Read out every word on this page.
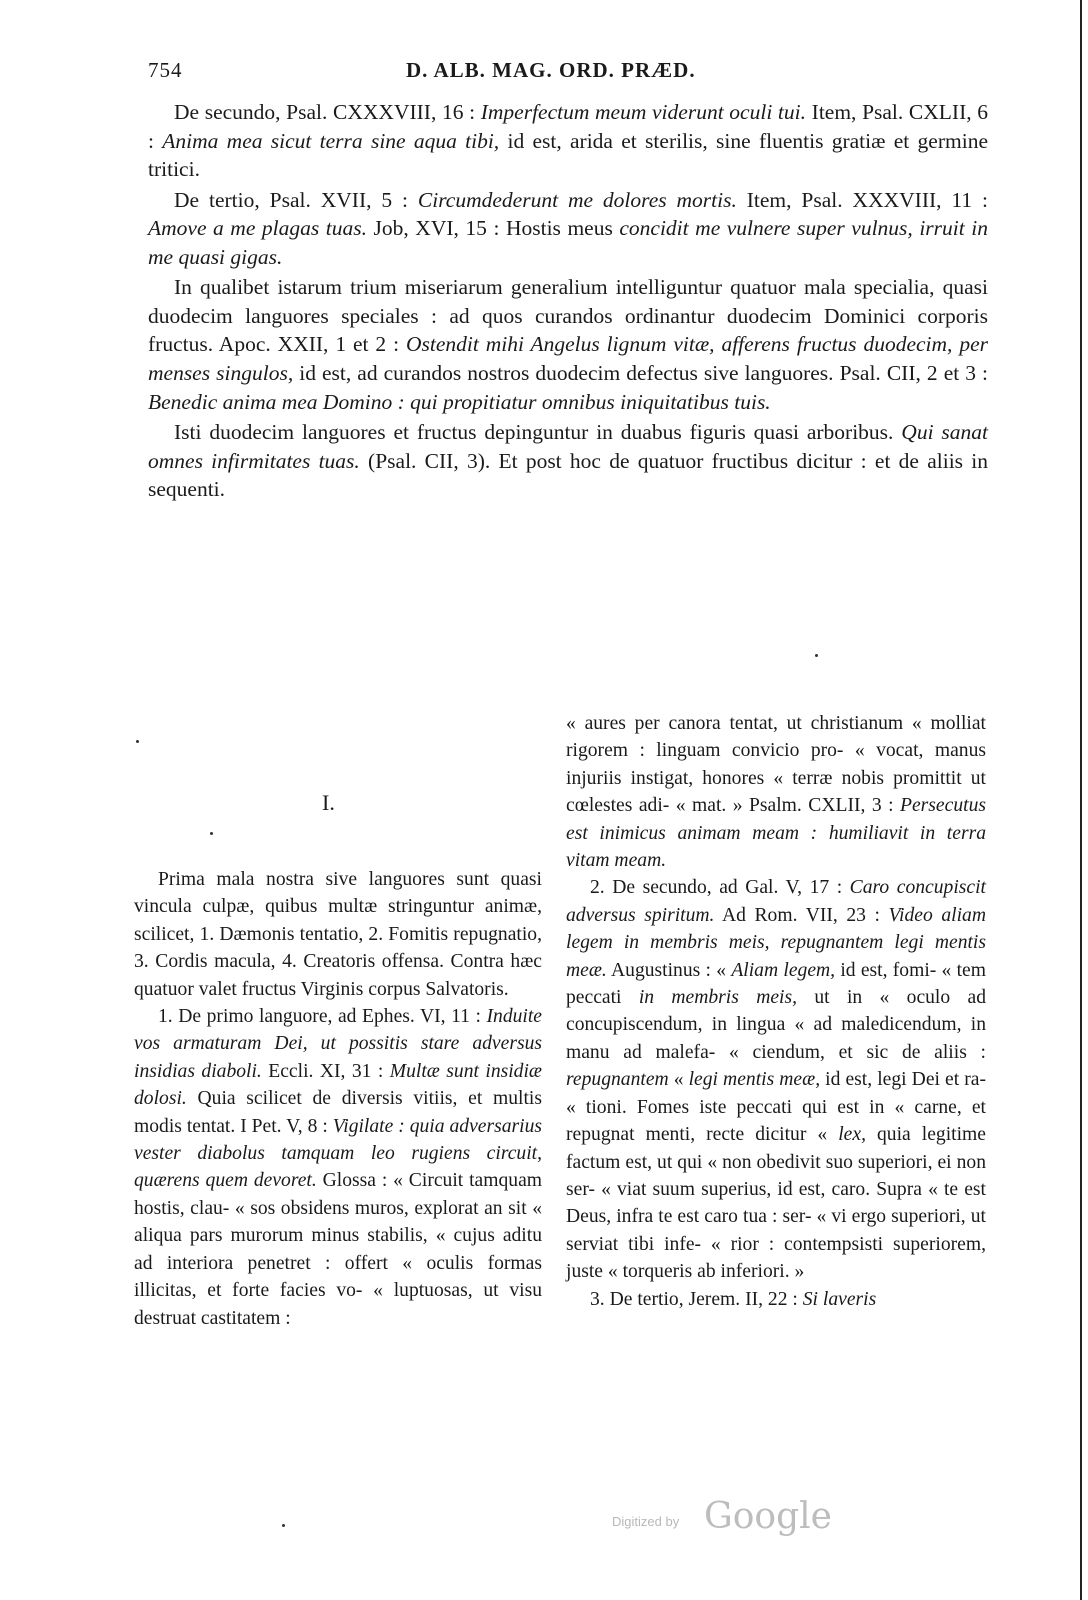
754	D. ALB. MAG. ORD. PRÆD.

De secundo, Psal. CXXXVIII, 16 : Imperfectum meum viderunt oculi tui. Item, Psal. CXLII, 6 : Anima mea sicut terra sine aqua tibi, id est, arida et sterilis, sine fluentis gratiæ et germine tritici.

De tertio, Psal. XVII, 5 : Circumdederunt me dolores mortis. Item, Psal. XXXVIII, 11 : Amove a me plagas tuas. Job, XVI, 15 : Hostis meus concidit me vulnere super vulnus, irruit in me quasi gigas.

In qualibet istarum trium miseriarum generalium intelliguntur quatuor mala specialia, quasi duodecim languores speciales : ad quos curandos ordinantur duodecim Dominici corporis fructus. Apoc. XXII, 1 et 2 : Ostendit mihi Angelus lignum vitæ, afferens fructus duodecim, per menses singulos, id est, ad curandos nostros duodecim defectus sive languores. Psal. CII, 2 et 3 : Benedic anima mea Domino : qui propitiatur omnibus iniquitatibus tuis.

Isti duodecim languores et fructus depinguntur in duabus figuris quasi arboribus. Qui sanat omnes infirmitates tuas. (Psal. CII, 3). Et post hoc de quatuor fructibus dicitur : et de aliis in sequenti.

I.

Prima mala nostra sive languores sunt quasi vincula culpæ, quibus multæ stringuntur animæ, scilicet, 1. Dæmonis tentatio, 2. Fomitis repugnatio, 3. Cordis macula, 4. Creatoris offensa. Contra hæc quatuor valet fructus Virginis corpus Salvatoris.

1. De primo languore, ad Ephes. VI, 11 : Induite vos armaturam Dei, ut possitis stare adversus insidias diaboli. Eccli. XI, 31 : Multæ sunt insidiæ dolosi. Quia scilicet de diversis vitiis, et multis modis tentat. I Pet. V, 8 : Vigilate : quia adversarius vester diabolus tamquam leo rugiens circuit, quærens quem devoret. Glossa : « Circuit tamquam hostis, clau- « sos obsidens muros, explorat an sit « aliqua pars murorum minus stabilis, « cujus aditu ad interiora penetret : offert « oculis formas illicitas, et forte facies vo- « luptuosas, ut visu destruat castitatem :

« aures per canora tentat, ut christianum « molliat rigorem : linguam convicio pro- « vocat, manus injuriis instigat, honores « terræ nobis promittit ut cœlestes adi- « mat. » Psalm. CXLII, 3 : Persecutus est inimicus animam meam : humiliavit in terra vitam meam.

2. De secundo, ad Gal. V, 17 : Caro concupiscit adversus spiritum. Ad Rom. VII, 23 : Video aliam legem in membris meis, repugnantem legi mentis meæ. Augustinus : « Aliam legem, id est, fomi- « tem peccati in membris meis, ut in « oculo ad concupiscendum, in lingua « ad maledicendum, in manu ad malefa- « ciendum, et sic de aliis : repugnantem « legi mentis meæ, id est, legi Dei et ra- « tioni. Fomes iste peccati qui est in « carne, et repugnat menti, recte dicitur « lex, quia legitime factum est, ut qui « non obedivit suo superiori, ei non ser- « viat suum superius, id est, caro. Supra « te est Deus, infra te est caro tua : ser- « vi ergo superiori, ut serviat tibi infe- « rior : contempsisti superiorem, juste « torqueris ab inferiori. »

3. De tertio, Jerem. II, 22 : Si laveris

Digitized by Google
